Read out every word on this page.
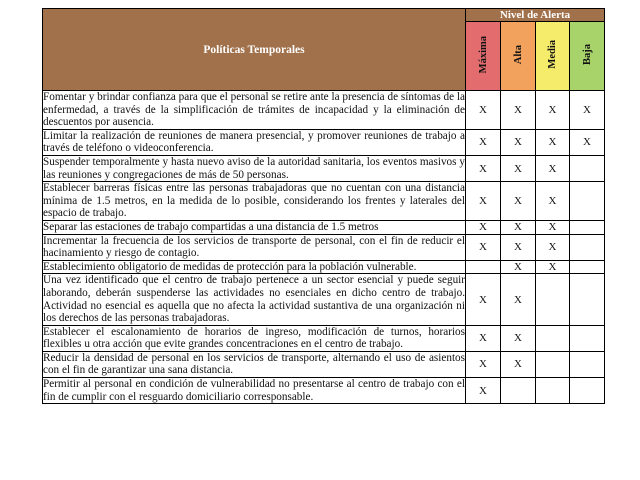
Políticas Temporales	Nivel de Alerta			
	Máxima	Alta	Media	Baja
Fomentar y brindar confianza para que el personal se retire ante la presencia de síntomas de la enfermedad, a través de la simplificación de trámites de incapacidad y la eliminación de descuentos por ausencia.	X	X	X	X
Limitar la realización de reuniones de manera presencial, y promover reuniones de trabajo a través de teléfono o videoconferencia.	X	X	X	X
Suspender temporalmente y hasta nuevo aviso de la autoridad sanitaria, los eventos masivos y las reuniones y congregaciones de más de 50 personas.	X	X	X	
Establecer barreras físicas entre las personas trabajadoras que no cuentan con una distancia mínima de 1.5 metros, en la medida de lo posible, considerando los frentes y laterales del espacio de trabajo.	X	X	X	
Separar las estaciones de trabajo compartidas a una distancia de 1.5 metros	X	X	X	
Incrementar la frecuencia de los servicios de transporte de personal, con el fin de reducir el hacinamiento y riesgo de contagio.	X	X	X	
Establecimiento obligatorio de medidas de protección para la población vulnerable.		X	X	
Una vez identificado que el centro de trabajo pertenece a un sector esencial y puede seguir laborando, deberán suspenderse las actividades no esenciales en dicho centro de trabajo. Actividad no esencial es aquella que no afecta la actividad sustantiva de una organización ni los derechos de las personas trabajadoras.	X	X		
Establecer el escalonamiento de horarios de ingreso, modificación de turnos, horarios flexibles u otra acción que evite grandes concentraciones en el centro de trabajo.	X	X		
Reducir la densidad de personal en los servicios de transporte, alternando el uso de asientos con el fin de garantizar una sana distancia.	X	X		
Permitir al personal en condición de vulnerabilidad no presentarse al centro de trabajo con el fin de cumplir con el resguardo domiciliario corresponsable.	X			
